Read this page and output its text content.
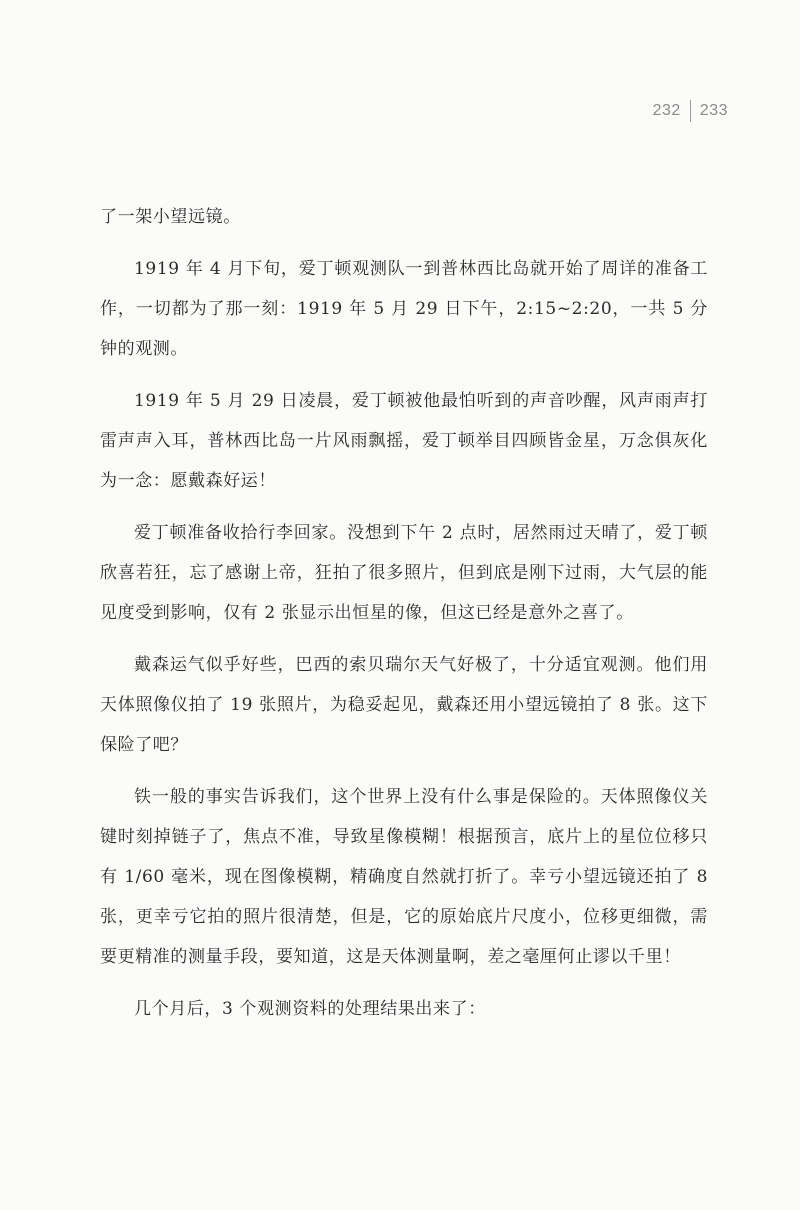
232 233

了一架小望远镜。

1919 年 4 月下旬，爱丁顿观测队一到普林西比岛就开始了周详的准备工作，一切都为了那一刻：1919 年 5 月 29 日下午，2:15~2:20，一共 5 分钟的观测。

1919 年 5 月 29 日凌晨，爱丁顿被他最怕听到的声音吵醒，风声雨声打雷声声入耳，普林西比岛一片风雨飘摇，爱丁顿举目四顾皆金星，万念俱灰化为一念：愿戴森好运！

爱丁顿准备收拾行李回家。没想到下午 2 点时，居然雨过天晴了，爱丁顿欣喜若狂，忘了感谢上帝，狂拍了很多照片，但到底是刚下过雨，大气层的能见度受到影响，仅有 2 张显示出恒星的像，但这已经是意外之喜了。

戴森运气似乎好些，巴西的索贝瑞尔天气好极了，十分适宜观测。他们用天体照像仪拍了 19 张照片，为稳妥起见，戴森还用小望远镜拍了 8 张。这下保险了吧？

铁一般的事实告诉我们，这个世界上没有什么事是保险的。天体照像仪关键时刻掉链子了，焦点不准，导致星像模糊！根据预言，底片上的星位位移只有 1/60 毫米，现在图像模糊，精确度自然就打折了。幸亏小望远镜还拍了 8 张，更幸亏它拍的照片很清楚，但是，它的原始底片尺度小，位移更细微，需要更精准的测量手段，要知道，这是天体测量啊，差之毫厘何止谬以千里！

几个月后，3 个观测资料的处理结果出来了：
